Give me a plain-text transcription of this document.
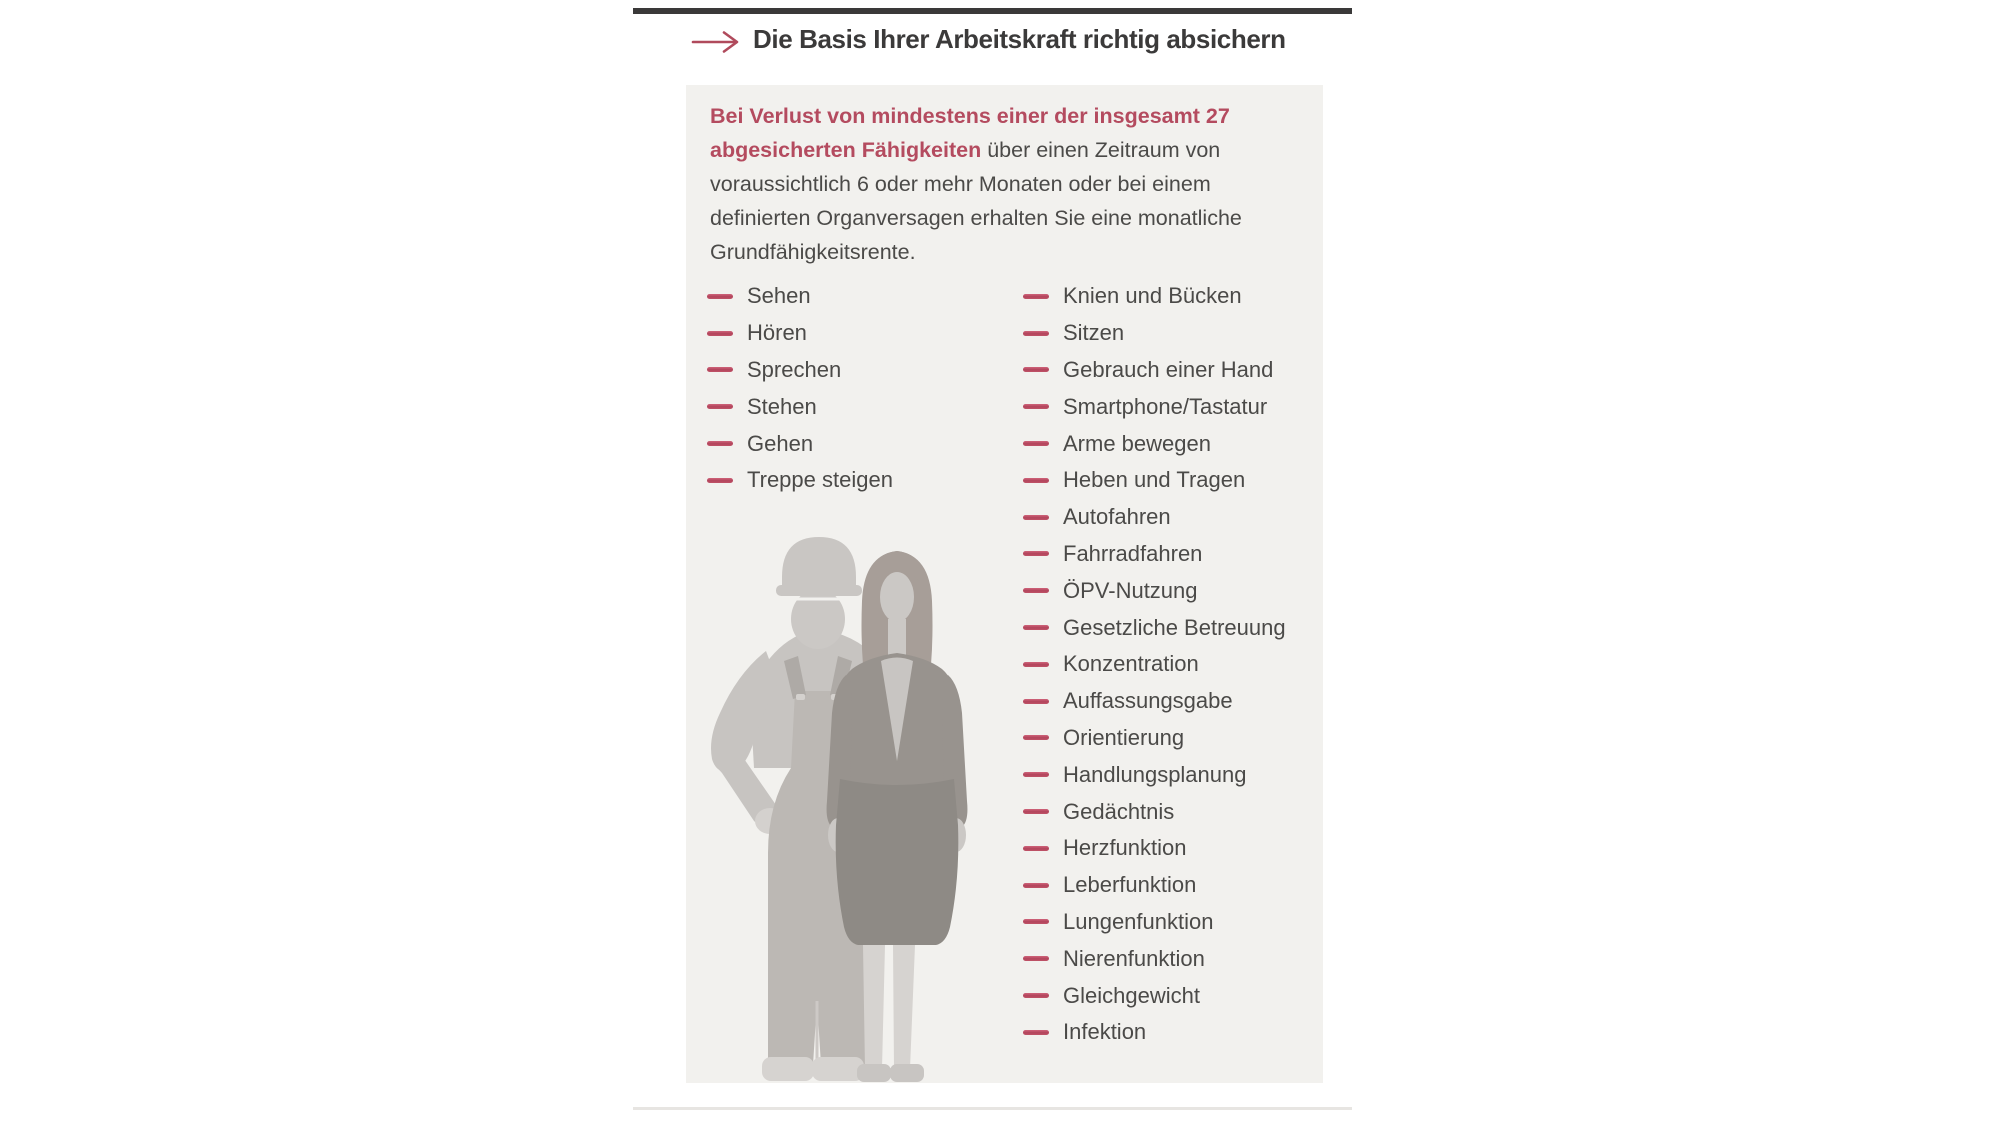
Die Basis Ihrer Arbeitskraft richtig absichern

Bei Verlust von mindestens einer der insgesamt 27 abgesicherten Fähigkeiten über einen Zeitraum von voraussichtlich 6 oder mehr Monaten oder bei einem definierten Organversagen erhalten Sie eine monatliche Grundfähigkeitsrente.

Sehen
Hören
Sprechen
Stehen
Gehen
Treppe steigen
Knien und Bücken
Sitzen
Gebrauch einer Hand
Smartphone/Tastatur
Arme bewegen
Heben und Tragen
Autofahren
Fahrradfahren
ÖPV-Nutzung
Gesetzliche Betreuung
Konzentration
Auffassungsgabe
Orientierung
Handlungsplanung
Gedächtnis
Herzfunktion
Leberfunktion
Lungenfunktion
Nierenfunktion
Gleichgewicht
Infektion
